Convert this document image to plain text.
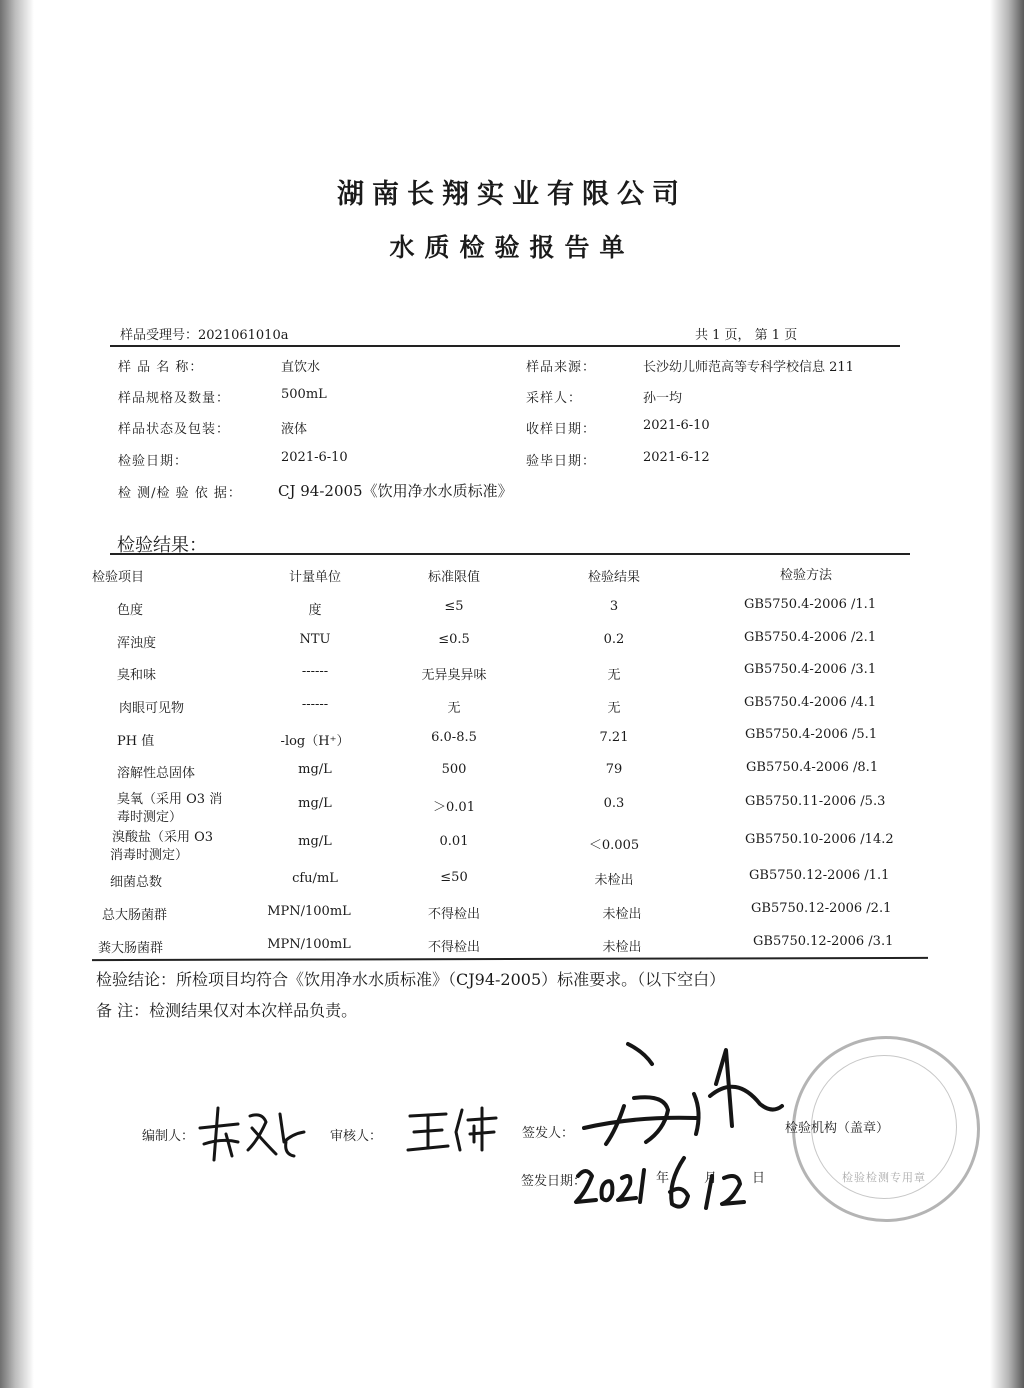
湖南长翔实业有限公司
水质检验报告单
样品受理号：2021061010a	共 1 页， 第 1 页
样 品 名 称：	直饮水	样品来源：	长沙幼儿师范高等专科学校信息 211
样品规格及数量：	500mL	采样人：	孙一均
样品状态及包装：	液体	收样日期：	2021-6-10
检验日期：	2021-6-10	验毕日期：	2021-6-12
检 测/检 验 依 据： CJ 94-2005《饮用净水水质标准》
检验结果：
检验项目	计量单位	标准限值	检验结果	检验方法
色度	度	≤5	3	GB5750.4-2006 /1.1
浑浊度	NTU	≤0.5	0.2	GB5750.4-2006 /2.1
臭和味	------	无异臭异味	无	GB5750.4-2006 /3.1
肉眼可见物	------	无	无	GB5750.4-2006 /4.1
PH 值	-log（H⁺）	6.0-8.5	7.21	GB5750.4-2006 /5.1
溶解性总固体	mg/L	500	79	GB5750.4-2006 /8.1
臭氧（采用 O3 消
毒时测定）
mg/L	＞0.01	0.3	GB5750.11-2006 /5.3
溴酸盐（采用 O3
消毒时测定）
mg/L	0.01	＜0.005	GB5750.10-2006 /14.2
细菌总数	cfu/mL	≤50	未检出	GB5750.12-2006 /1.1
总大肠菌群	MPN/100mL	不得检出	未检出	GB5750.12-2006 /2.1
粪大肠菌群	MPN/100mL	不得检出	未检出	GB5750.12-2006 /3.1
检验结论：所检项目均符合《饮用净水水质标准》（CJ94-2005）标准要求。（以下空白）
备 注：检测结果仅对本次样品负责。
检验检测专用章
编制人：	审核人：	签发人：	检验机构（盖章）
签发日期：	年	月	日
